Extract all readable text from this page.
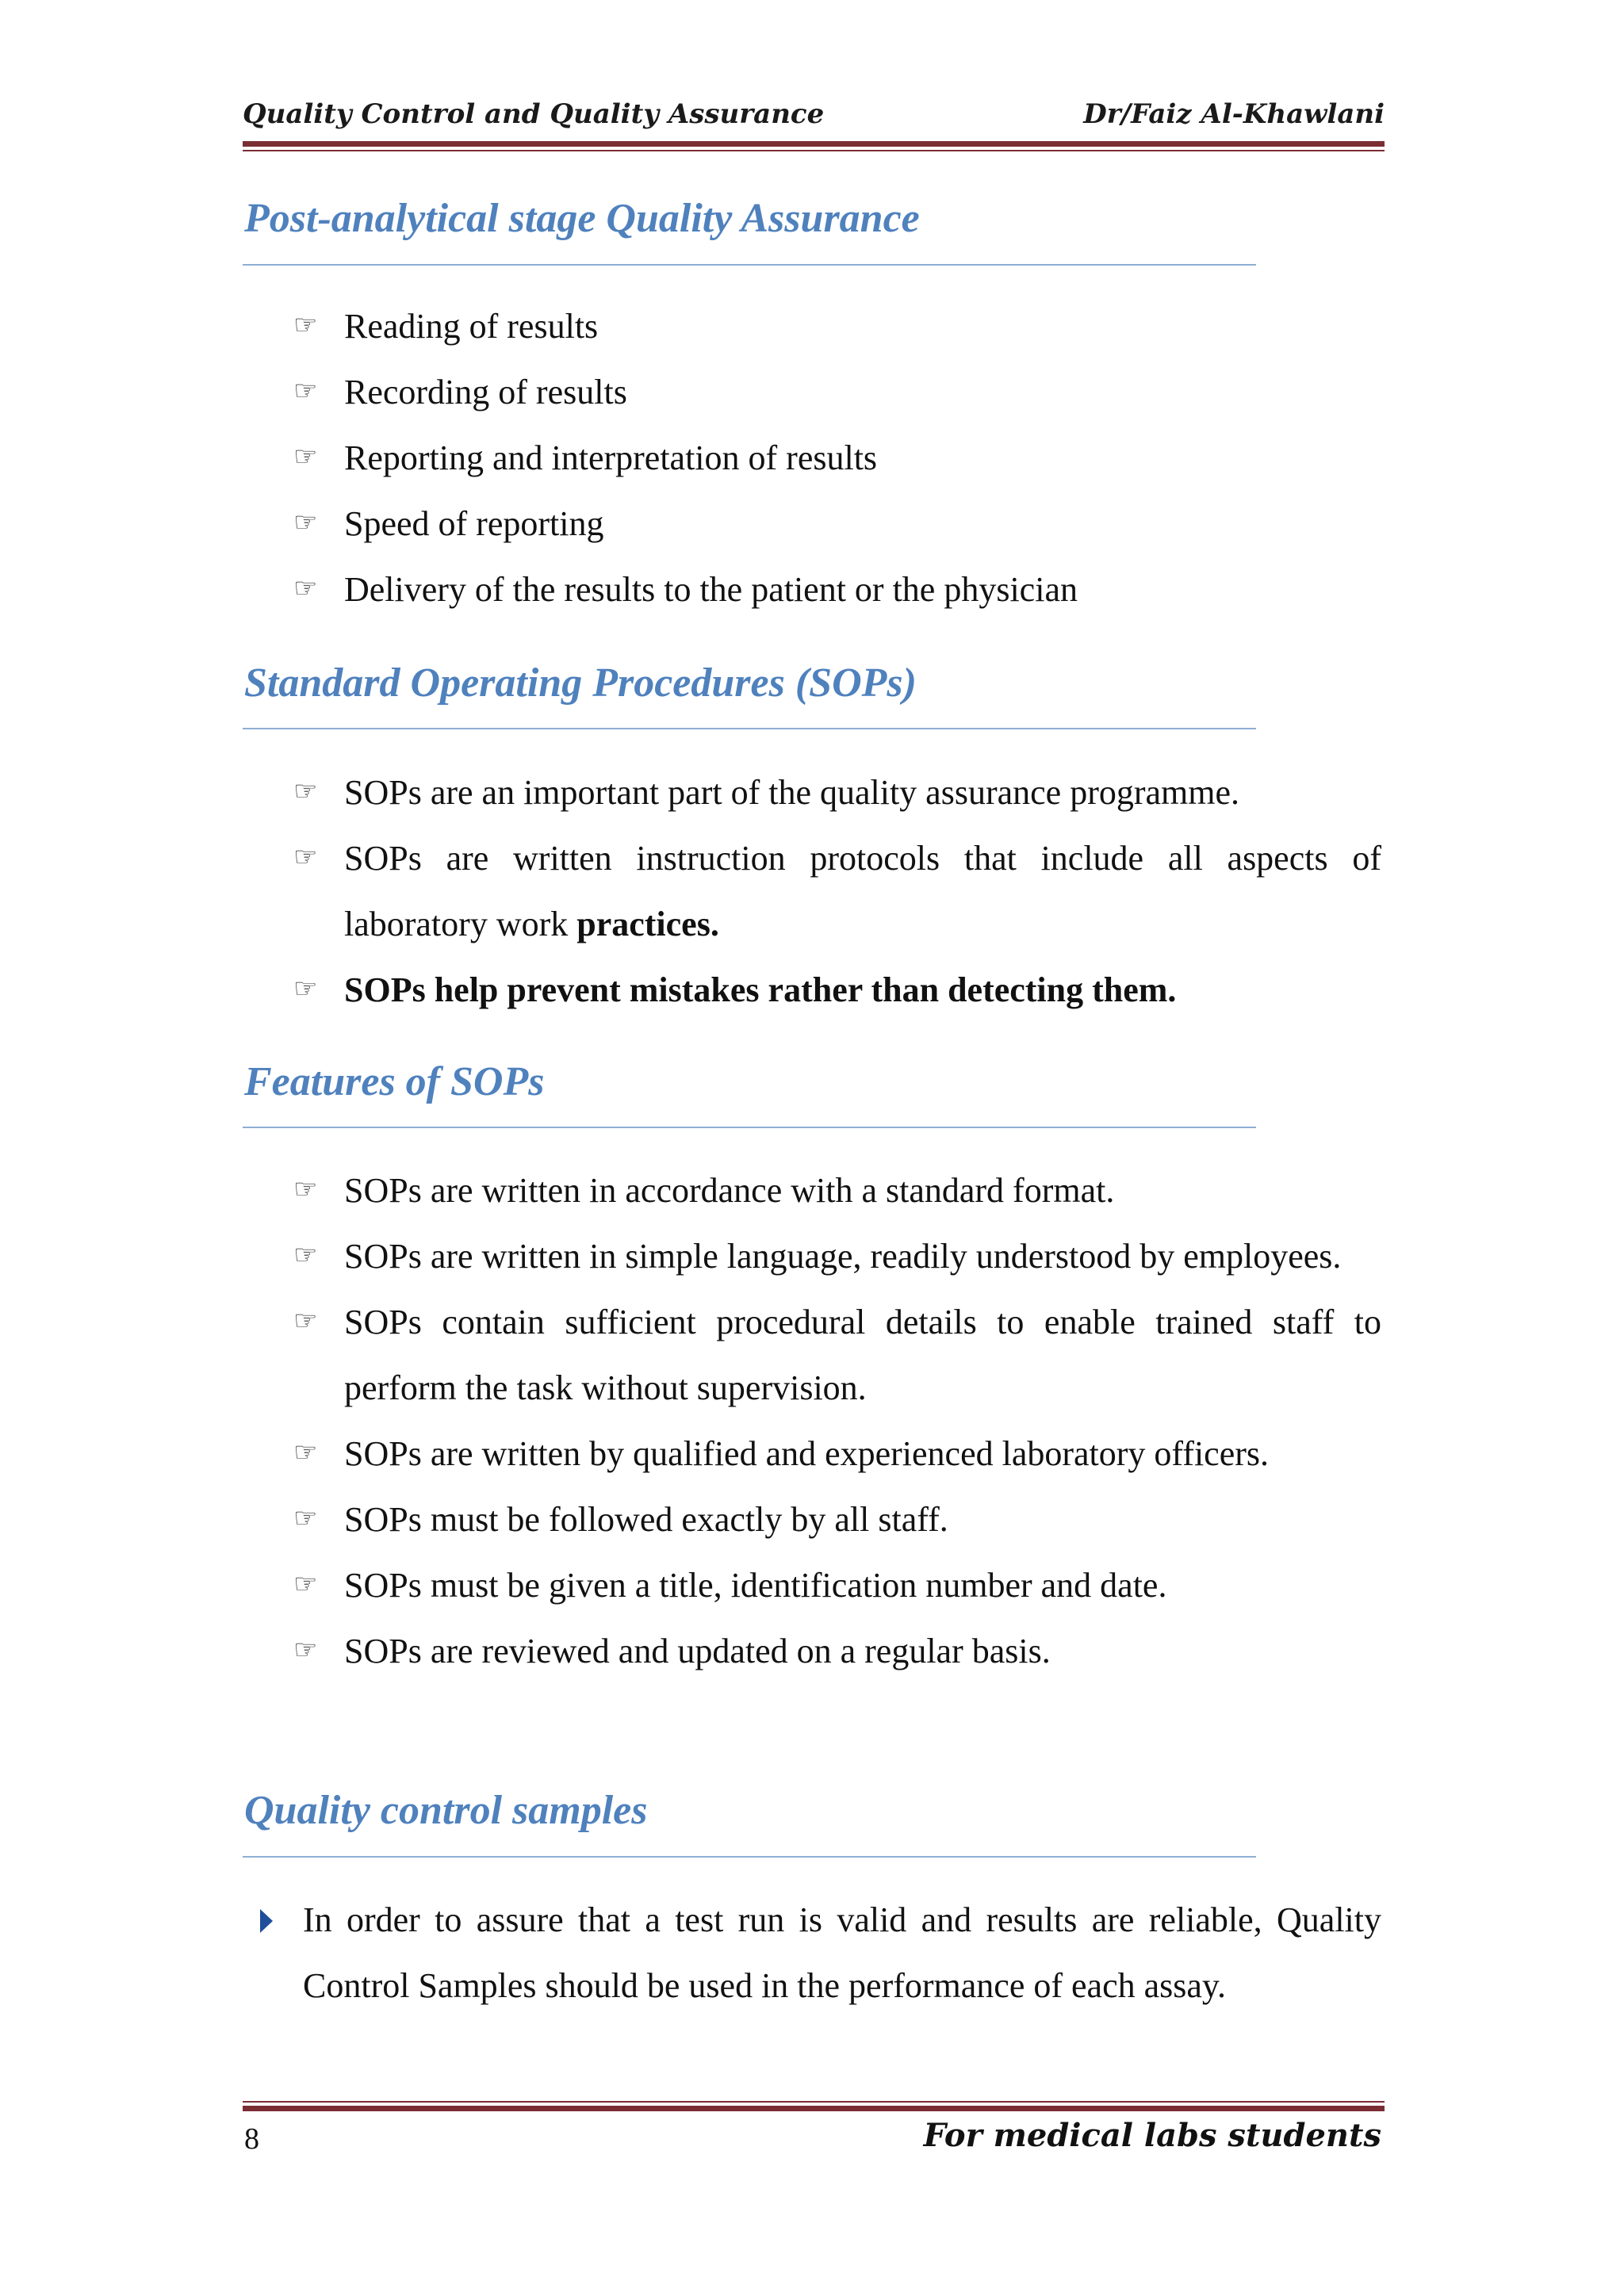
Quality Control and Quality Assurance	Dr/Faiz Al-Khawlani
Post-analytical stage Quality Assurance
☞ Reading of results
☞ Recording of results
☞ Reporting and interpretation of results
☞ Speed of reporting
☞ Delivery of the results to the patient or the physician
Standard Operating Procedures (SOPs)
☞ SOPs are an important part of the quality assurance programme.
☞ SOPs are written instruction protocols that include all aspects of laboratory work practices.
☞ SOPs help prevent mistakes rather than detecting them.
Features of SOPs
☞ SOPs are written in accordance with a standard format.
☞ SOPs are written in simple language, readily understood by employees.
☞ SOPs contain sufficient procedural details to enable trained staff to perform the task without supervision.
☞ SOPs are written by qualified and experienced laboratory officers.
☞ SOPs must be followed exactly by all staff.
☞ SOPs must be given a title, identification number and date.
☞ SOPs are reviewed and updated on a regular basis.
Quality control samples
In order to assure that a test run is valid and results are reliable, Quality Control Samples should be used in the performance of each assay.
8	For medical labs students
